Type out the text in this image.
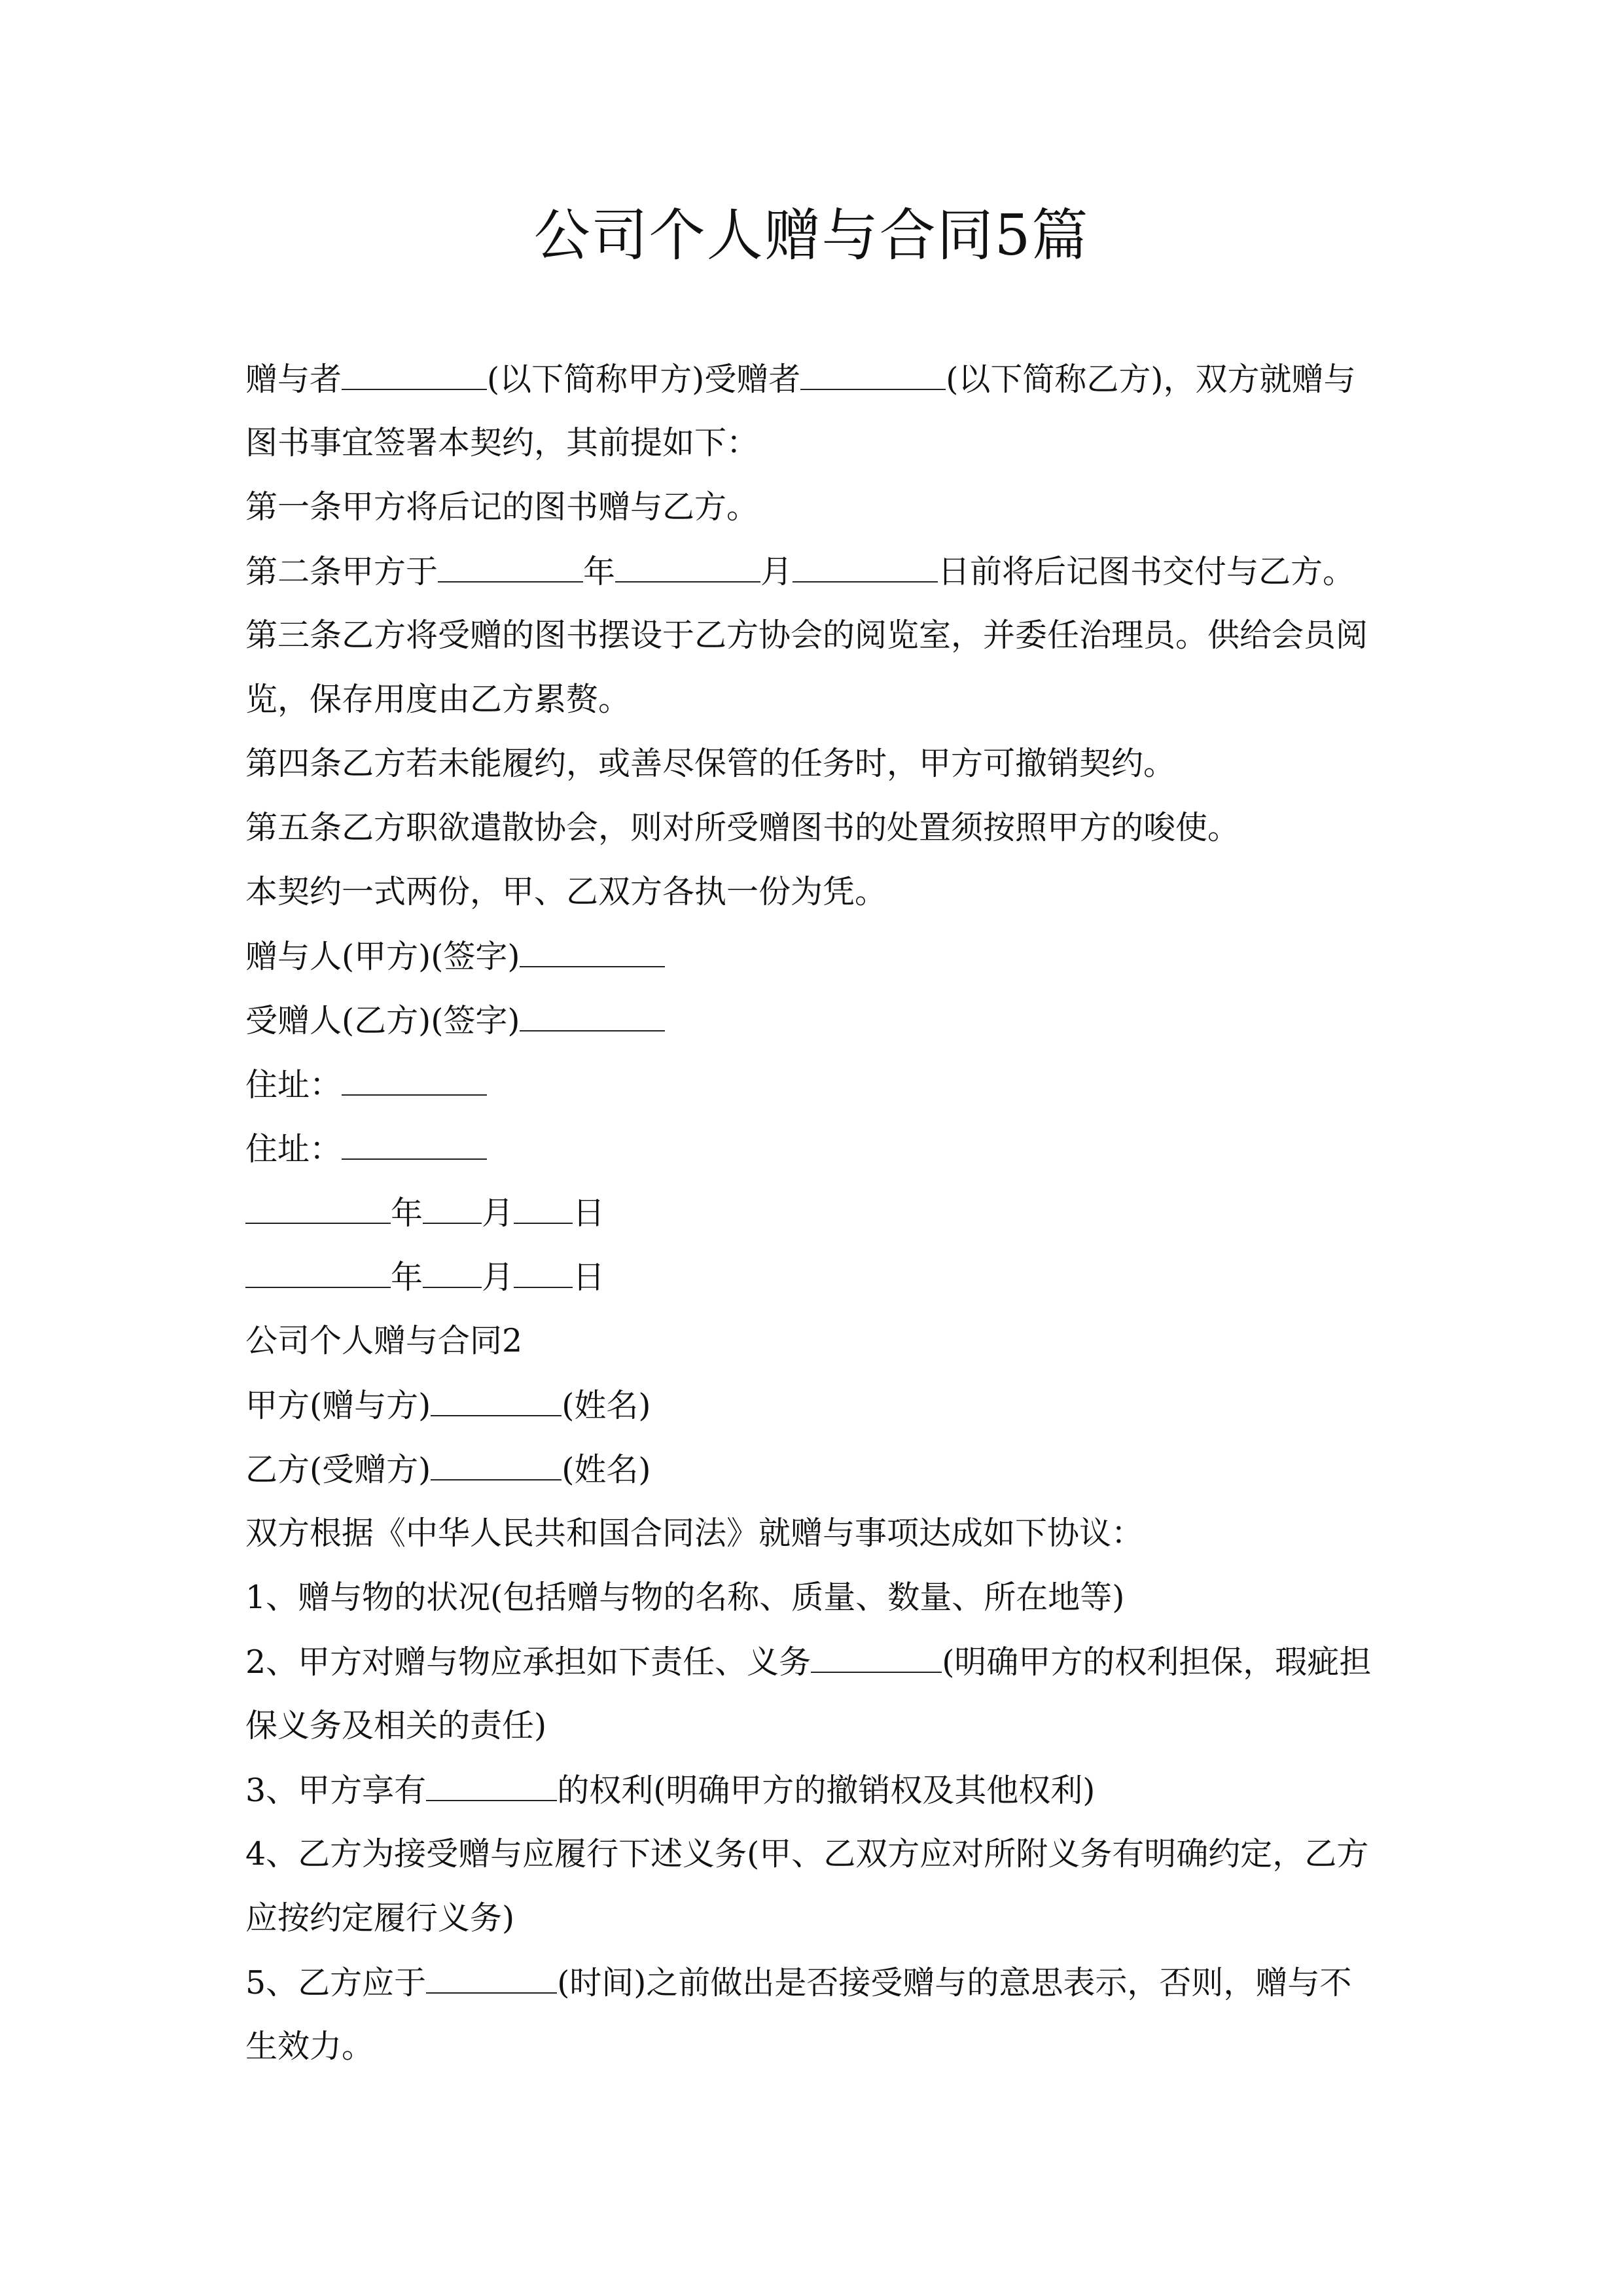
公司个人赠与合同5篇
赠与者	(以下简称甲方)受赠者	(以下简称乙方)，双方就赠与
图书事宜签署本契约，其前提如下：
第一条甲方将后记的图书赠与乙方。
第二条甲方于	年	月	日前将后记图书交付与乙方。
第三条乙方将受赠的图书摆设于乙方协会的阅览室，并委任治理员。供给会员阅
览，保存用度由乙方累赘。
第四条乙方若未能履约，或善尽保管的任务时，甲方可撤销契约。
第五条乙方职欲遣散协会，则对所受赠图书的处置须按照甲方的唆使。
本契约一式两份，甲、乙双方各执一份为凭。
赠与人(甲方)(签字)
受赠人(乙方)(签字)
住址：
住址：
年 月 日
年 月 日
公司个人赠与合同2
甲方(赠与方)	(姓名)
乙方(受赠方)	(姓名)
双方根据《中华人民共和国合同法》就赠与事项达成如下协议：
1、赠与物的状况(包括赠与物的名称、质量、数量、所在地等)
2、甲方对赠与物应承担如下责任、义务	(明确甲方的权利担保，瑕疵担
保义务及相关的责任)
3、甲方享有	的权利(明确甲方的撤销权及其他权利)
4、乙方为接受赠与应履行下述义务(甲、乙双方应对所附义务有明确约定，乙方
应按约定履行义务)
5、乙方应于	(时间)之前做出是否接受赠与的意思表示，否则，赠与不
生效力。
